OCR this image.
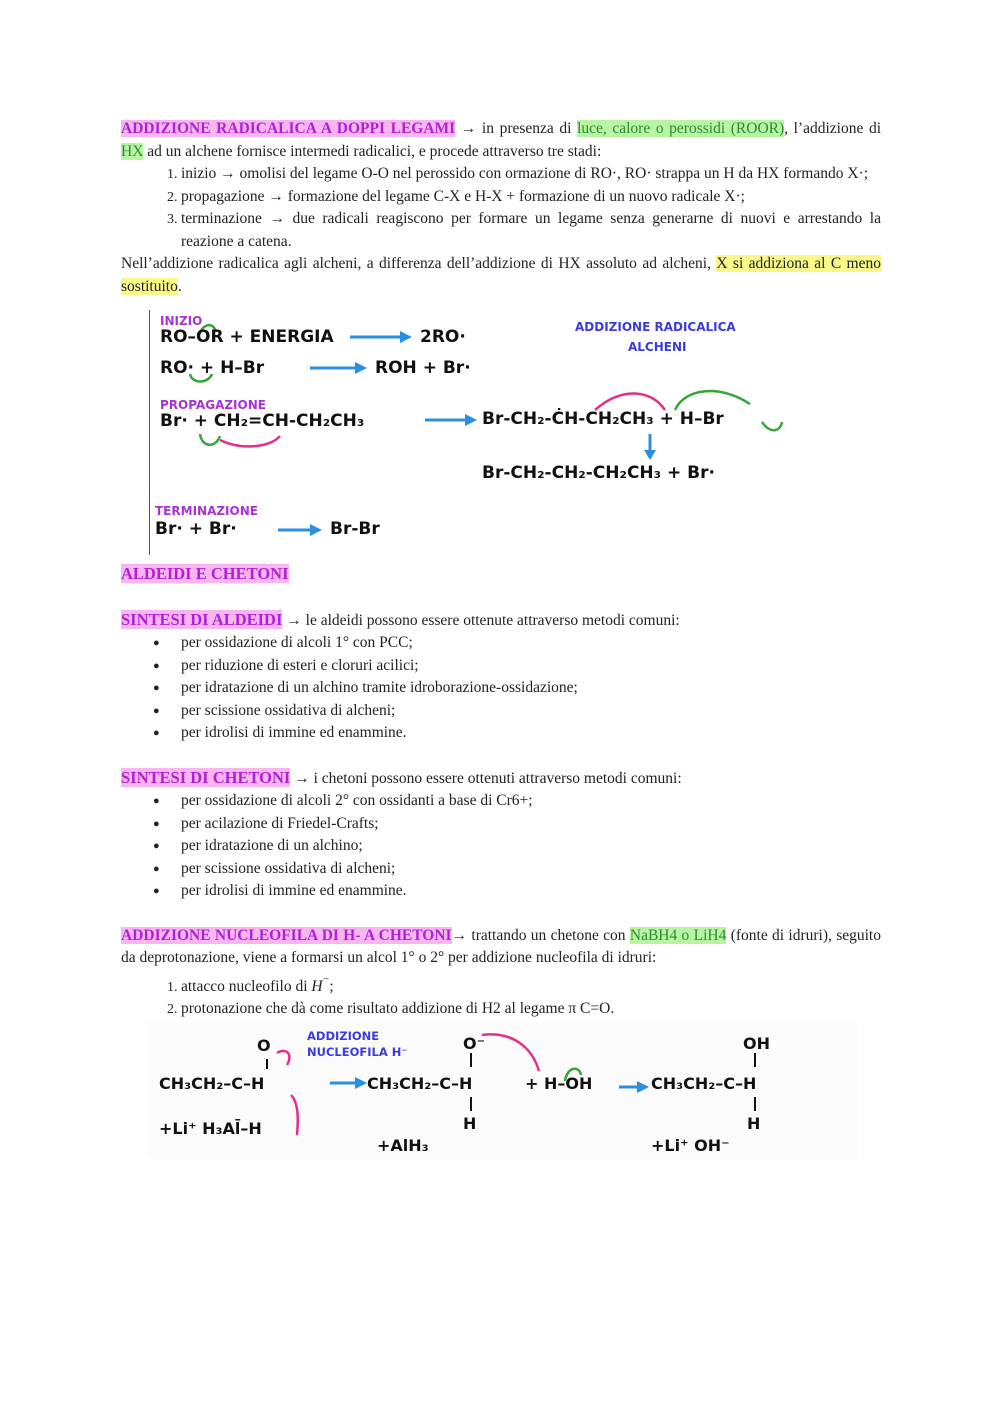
ADDIZIONE RADICALICA A DOPPI LEGAMI → in presenza di luce, calore o perossidi (ROOR), l’addizione di HX ad un alchene fornisce intermedi radicalici, e procede attraverso tre stadi:

1. inizio → omolisi del legame O-O nel perossido con ormazione di RO·, RO· strappa un H da HX formando X·;
2. propagazione → formazione del legame C-X e H-X + formazione di un nuovo radicale X·;
3. terminazione → due radicali reagiscono per formare un legame senza generarne di nuovi e arrestando la reazione a catena.

Nell’addizione radicalica agli alcheni, a differenza dell’addizione di HX assoluto ad alcheni, X si addiziona al C meno sostituito.

INIZIO
RO–OR + ENERGIA	2RO·
RO· + H–Br	ROH + Br·
PROPAGAZIONE
Br· + CH₂=CH-CH₂CH₃	Br-CH₂-ĊH-CH₂CH₃ + H–Br
Br-CH₂-CH₂-CH₂CH₃ + Br·
TERMINAZIONE
Br· + Br·	Br-Br
ADDIZIONE RADICALICA
ALCHENI

ALDEIDI E CHETONI

SINTESI DI ALDEIDI → le aldeidi possono essere ottenute attraverso metodi comuni:

● per ossidazione di alcoli 1° con PCC;
● per riduzione di esteri e cloruri acilici;
● per idratazione di un alchino tramite idroborazione-ossidazione;
● per scissione ossidativa di alcheni;
● per idrolisi di immine ed enammine.

SINTESI DI CHETONI → i chetoni possono essere ottenuti attraverso metodi comuni:

● per ossidazione di alcoli 2° con ossidanti a base di Cr6+;
● per acilazione di Friedel-Crafts;
● per idratazione di un alchino;
● per scissione ossidativa di alcheni;
● per idrolisi di immine ed enammine.

ADDIZIONE NUCLEOFILA DI H- A CHETONI→ trattando un chetone con NaBH4 o LiH4 (fonte di idruri), seguito da deprotonazione, viene a formarsi un alcol 1° o 2° per addizione nucleofila di idruri:

1. attacco nucleofilo di H⁻;
2. protonazione che dà come risultato addizione di H2 al legame π C=O.
ADDIZIONE
NUCLEOFILA H⁻
O
CH₃CH₂–C–H
+Li⁺ H₃Al̄–H
O⁻
CH₃CH₂–C–H
H
+ H–OH
+AlH₃
OH
CH₃CH₂–C–H
H
+Li⁺ OH⁻
